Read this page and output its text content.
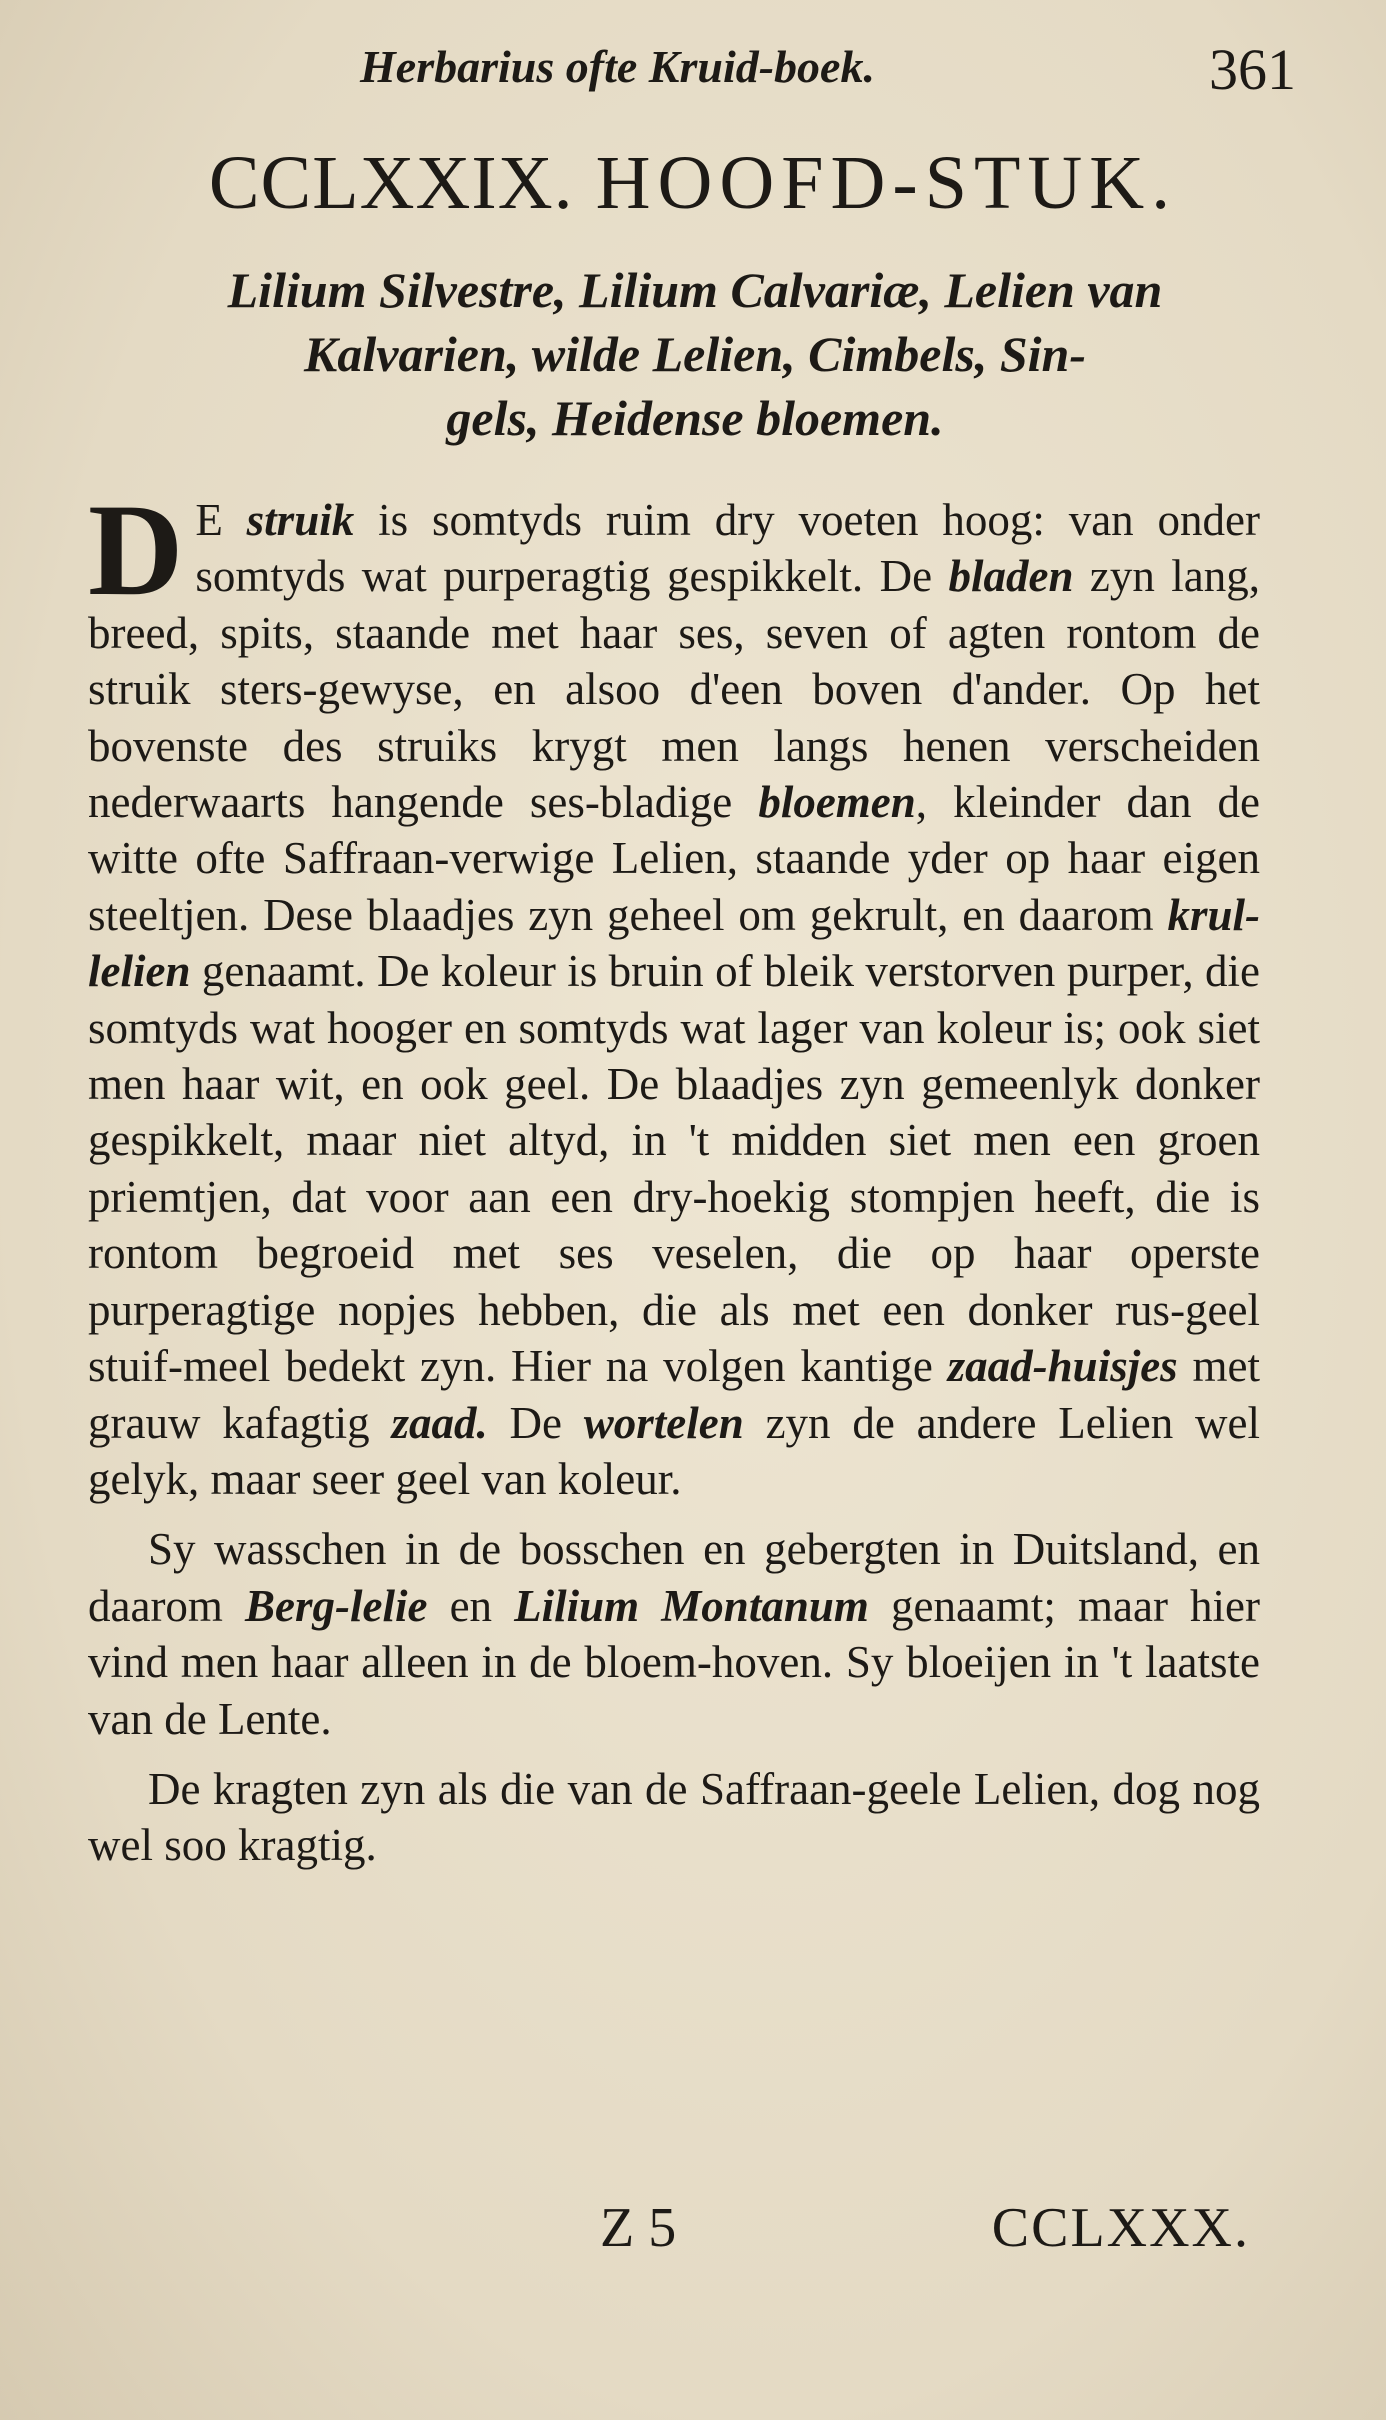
Herbarius ofte Kruid-boek.	361
CCLXXIX. HOOFD-STUK.
Lilium Silvestre, Lilium Calvariæ, Lelien van
Kalvarien, wilde Lelien, Cimbels, Sin-
gels, Heidense bloemen.

D E struik is somtyds ruim dry voeten hoog: van onder somtyds wat purperagtig gespikkelt. De bladen zyn lang, breed, spits, staande met haar ses, seven of agten rontom de struik sters-gewyse, en alsoo d'een boven d'ander. Op het bovenste des struiks krygt men langs henen verscheiden nederwaarts hangende ses-bladige bloemen, kleinder dan de witte ofte Saffraan-verwige Lelien, staande yder op haar eigen steeltjen. Dese blaadjes zyn geheel om gekrult, en daarom krul-lelien genaamt. De koleur is bruin of bleik verstorven purper, die somtyds wat hooger en somtyds wat lager van koleur is; ook siet men haar wit, en ook geel. De blaadjes zyn gemeenlyk donker gespikkelt, maar niet altyd, in 't midden siet men een groen priemtjen, dat voor aan een dry-hoekig stompjen heeft, die is rontom begroeid met ses veselen, die op haar operste purperagtige nopjes hebben, die als met een donker rus-geel stuif-meel bedekt zyn. Hier na volgen kantige zaad-huisjes met grauw kafagtig zaad. De wortelen zyn de andere Lelien wel gelyk, maar seer geel van koleur.

Sy wasschen in de bosschen en gebergten in Duitsland, en daarom Berg-lelie en Lilium Montanum genaamt; maar hier vind men haar alleen in de bloem-hoven. Sy bloeijen in 't laatste van de Lente.

De kragten zyn als die van de Saffraan-geele Lelien, dog nog wel soo kragtig.

Z 5	CCLXXX.
